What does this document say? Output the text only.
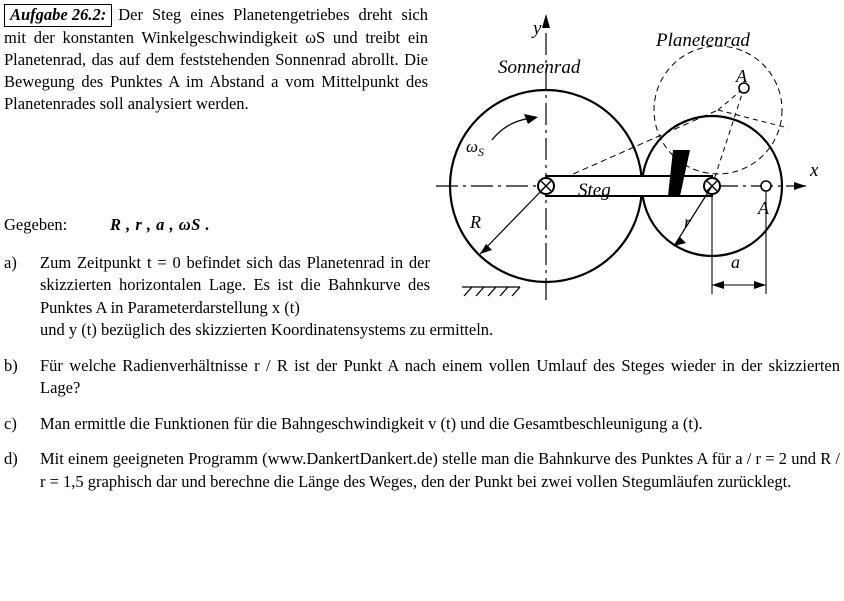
Aufgabe 26.2: Der Steg eines Planetengetriebes dreht sich mit der konstanten Winkelgeschwindigkeit ωS und treibt ein Planetenrad, das auf dem feststehenden Sonnenrad abrollt. Die Bewegung des Punktes A im Abstand a vom Mittelpunkt des Planetenrades soll analysiert werden.
Gegeben:	R , r , a , ωS .
a)	Zum Zeitpunkt t = 0 befindet sich das Planetenrad in der skizzierten horizontalen Lage. Es ist die Bahnkurve des Punktes A in Parameterdarstellung x (t)
und y (t) bezüglich des skizzierten Koordinatensystems zu ermitteln.
b)	Für welche Radienverhältnisse r / R ist der Punkt A nach einem vollen Umlauf des Steges wieder in der skizzierten Lage?
c)	Man ermittle die Funktionen für die Bahngeschwindigkeit v (t) und die Gesamtbeschleunigung a (t).
d)	Mit einem geeigneten Programm (www.DankertDankert.de) stelle man die Bahnkurve des Punktes A für a / r = 2 und R / r = 1,5 graphisch dar und berechne die Länge des Weges, den der Punkt bei zwei vollen Stegumläufen zurücklegt.
Sonnenrad
Planetenrad
Steg
$\omega_S$
R	r
a
A
A
y
x
